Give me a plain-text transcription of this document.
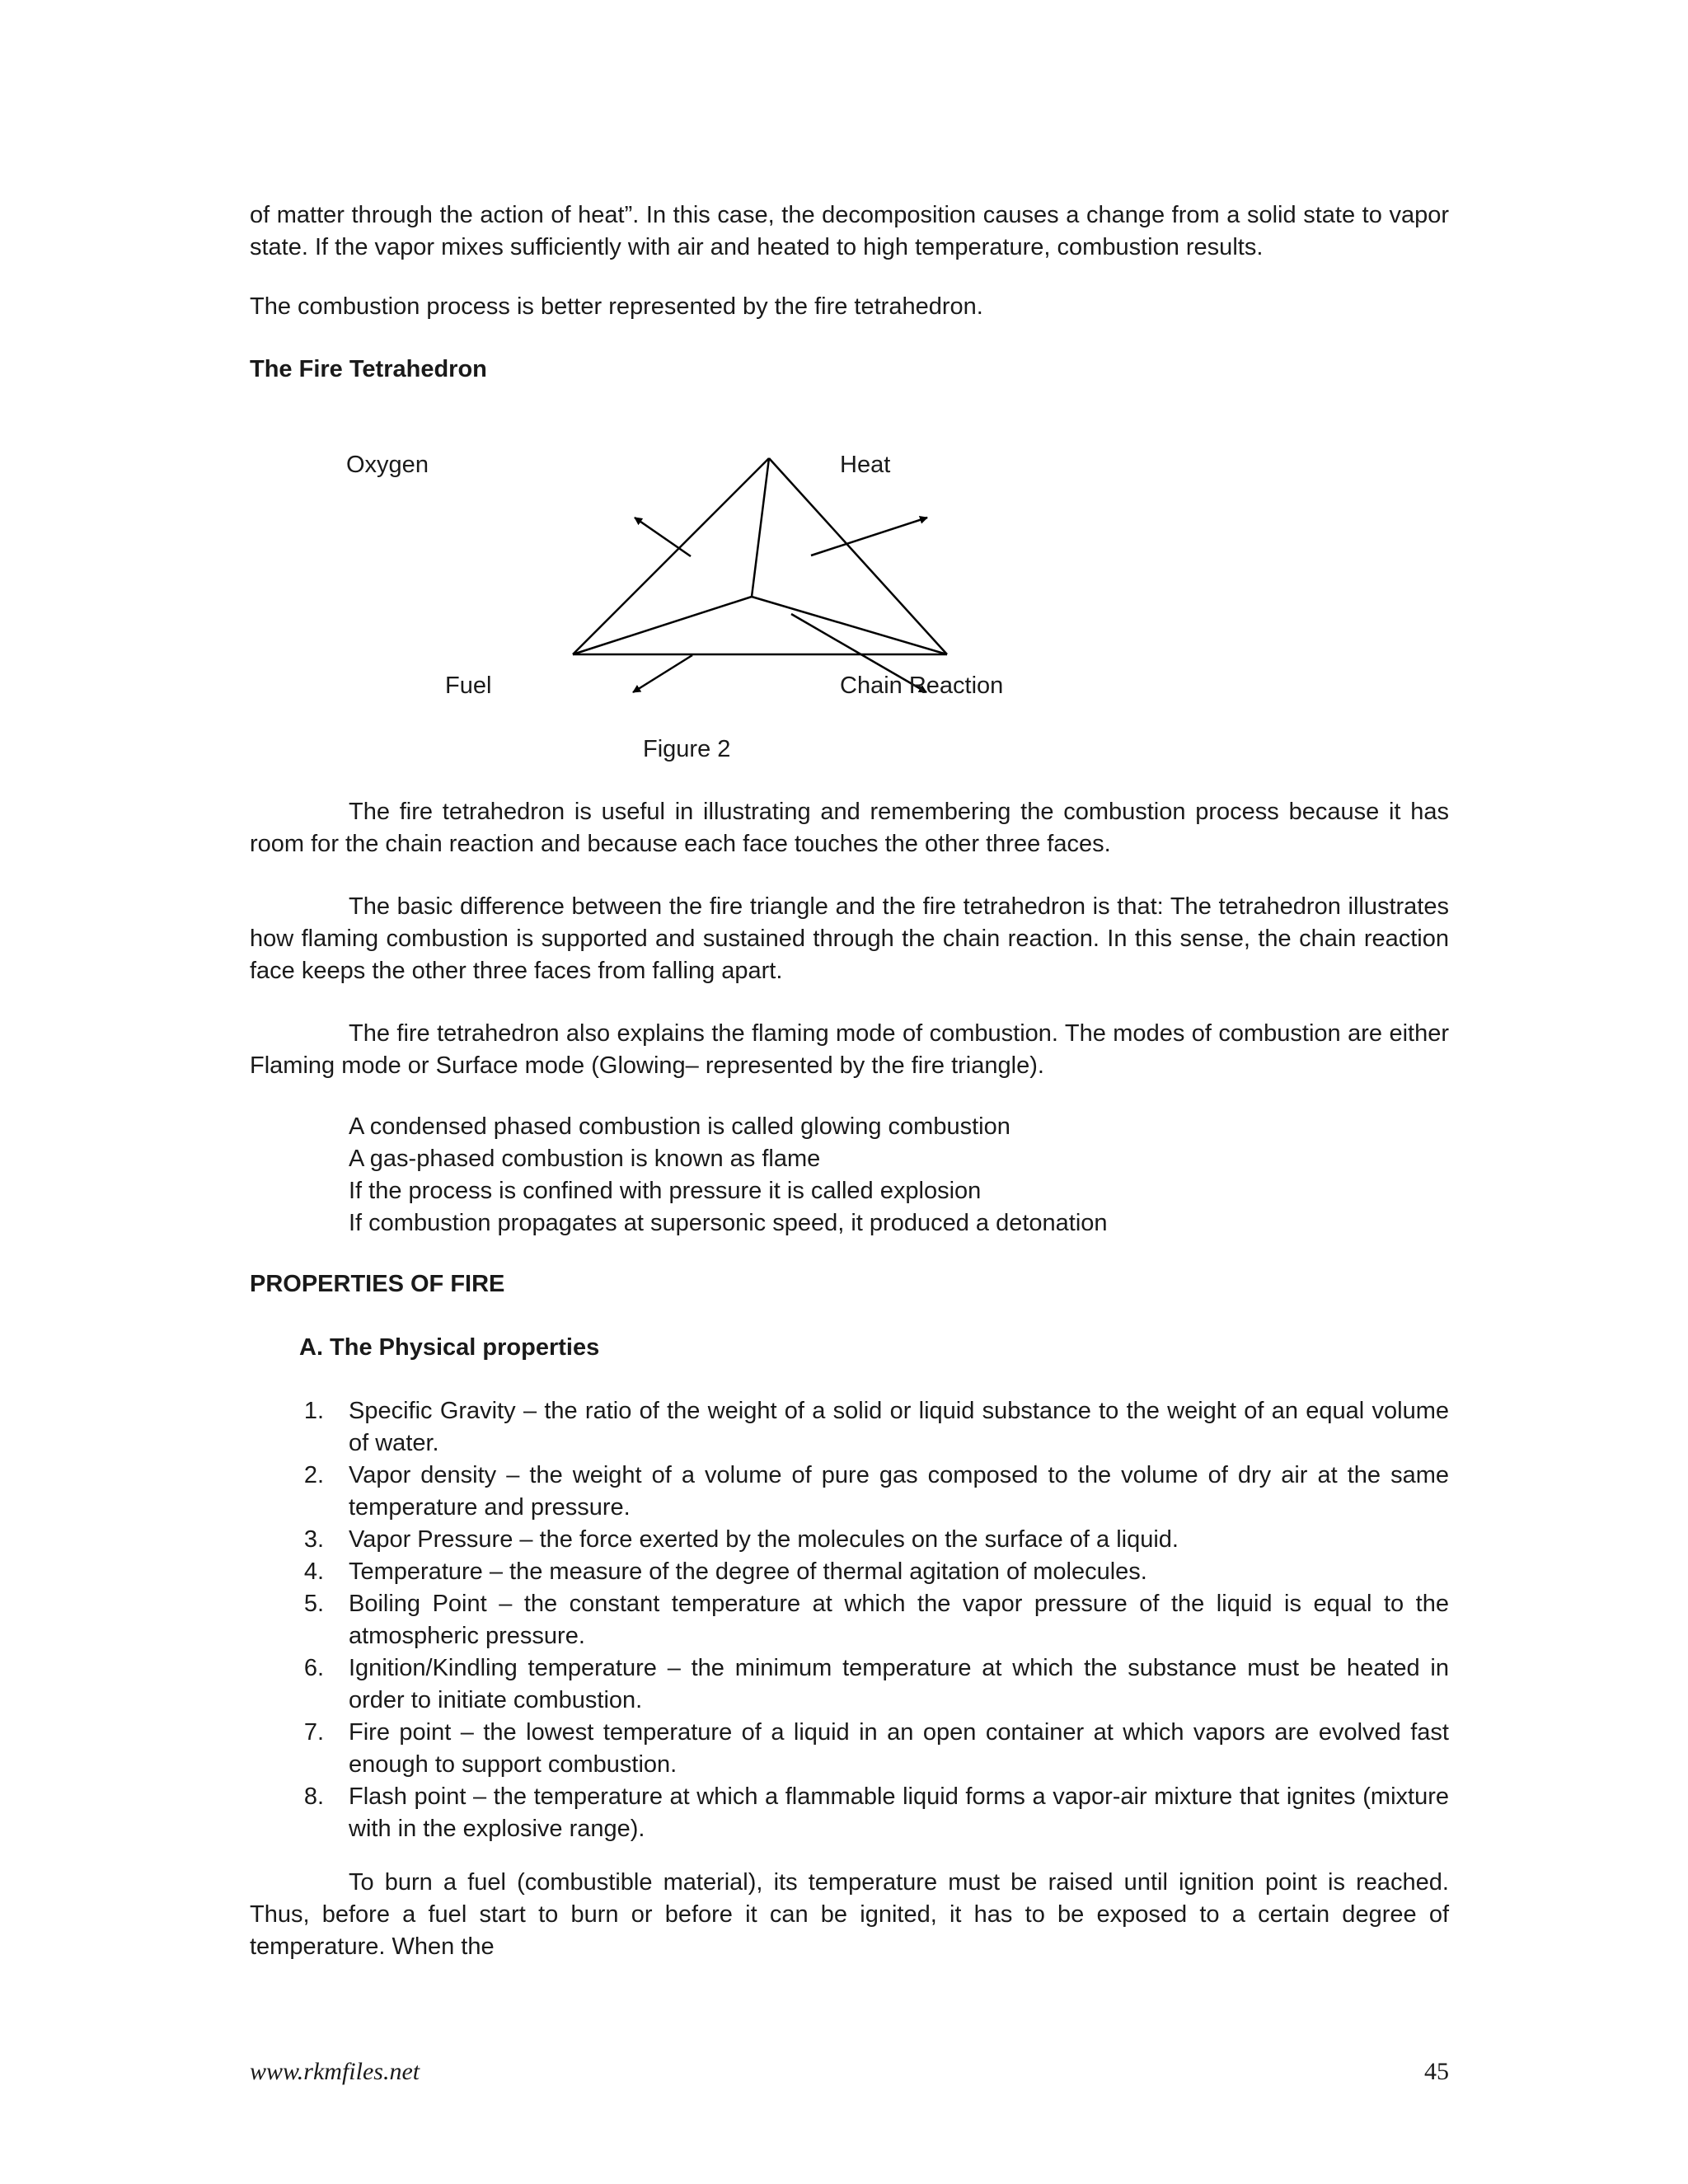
of matter through the action of heat”. In this case, the decomposition causes a change from a solid state to vapor state. If the vapor mixes sufficiently with air and heated to high temperature, combustion results.

The combustion process is better represented by the fire tetrahedron.

The Fire Tetrahedron
Oxygen	Heat
Fuel	Chain Reaction
Figure 2

The fire tetrahedron is useful in illustrating and remembering the combustion process because it has room for the chain reaction and because each face touches the other three faces.

The basic difference between the fire triangle and the fire tetrahedron is that: The tetrahedron illustrates how flaming combustion is supported and sustained through the chain reaction. In this sense, the chain reaction face keeps the other three faces from falling apart.

The fire tetrahedron also explains the flaming mode of combustion. The modes of combustion are either Flaming mode or Surface mode (Glowing– represented by the fire triangle).

A condensed phased combustion is called glowing combustion
A gas-phased combustion is known as flame
If the process is confined with pressure it is called explosion
If combustion propagates at supersonic speed, it produced a detonation
PROPERTIES OF FIRE
A. The Physical properties
1.	Specific Gravity – the ratio of the weight of a solid or liquid substance to the weight of an equal volume of water.
2.	Vapor density – the weight of a volume of pure gas composed to the volume of dry air at the same temperature and pressure.
3.	Vapor Pressure – the force exerted by the molecules on the surface of a liquid.
4.	Temperature – the measure of the degree of thermal agitation of molecules.
5.	Boiling Point – the constant temperature at which the vapor pressure of the liquid is equal to the atmospheric pressure.
6.	Ignition/Kindling temperature – the minimum temperature at which the substance must be heated in order to initiate combustion.
7.	Fire point – the lowest temperature of a liquid in an open container at which vapors are evolved fast enough to support combustion.
8.	Flash point – the temperature at which a flammable liquid forms a vapor-air mixture that ignites (mixture with in the explosive range).

To burn a fuel (combustible material), its temperature must be raised until ignition point is reached. Thus, before a fuel start to burn or before it can be ignited, it has to be exposed to a certain degree of temperature. When the

www.rkmfiles.net	45
